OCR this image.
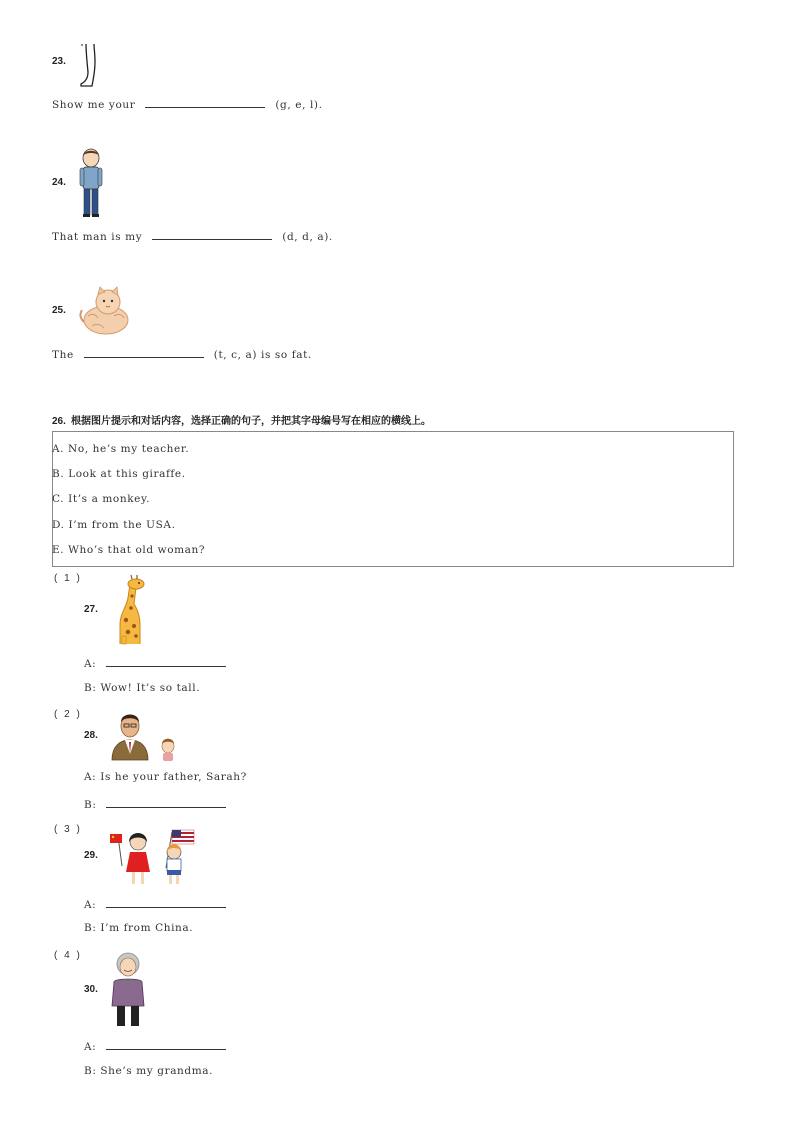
23.
Show me your	(g, e, l).
24.
That man is my	(d, d, a).
25.
The	(t, c, a) is so fat.
26. 根据图片提示和对话内容，选择正确的句子，并把其字母编号写在相应的横线上。
A. No, he’s my teacher.
B. Look at this giraffe.
C. It’s a monkey.
D. I’m from the USA.
E. Who’s that old woman?
( 1 )
27.
A:
B: Wow! It’s so tall.
( 2 )
28.
A: Is he your father, Sarah?
B:
( 3 )
29.
A:
B: I’m from China.
( 4 )
30.
A:
B: She’s my grandma.
